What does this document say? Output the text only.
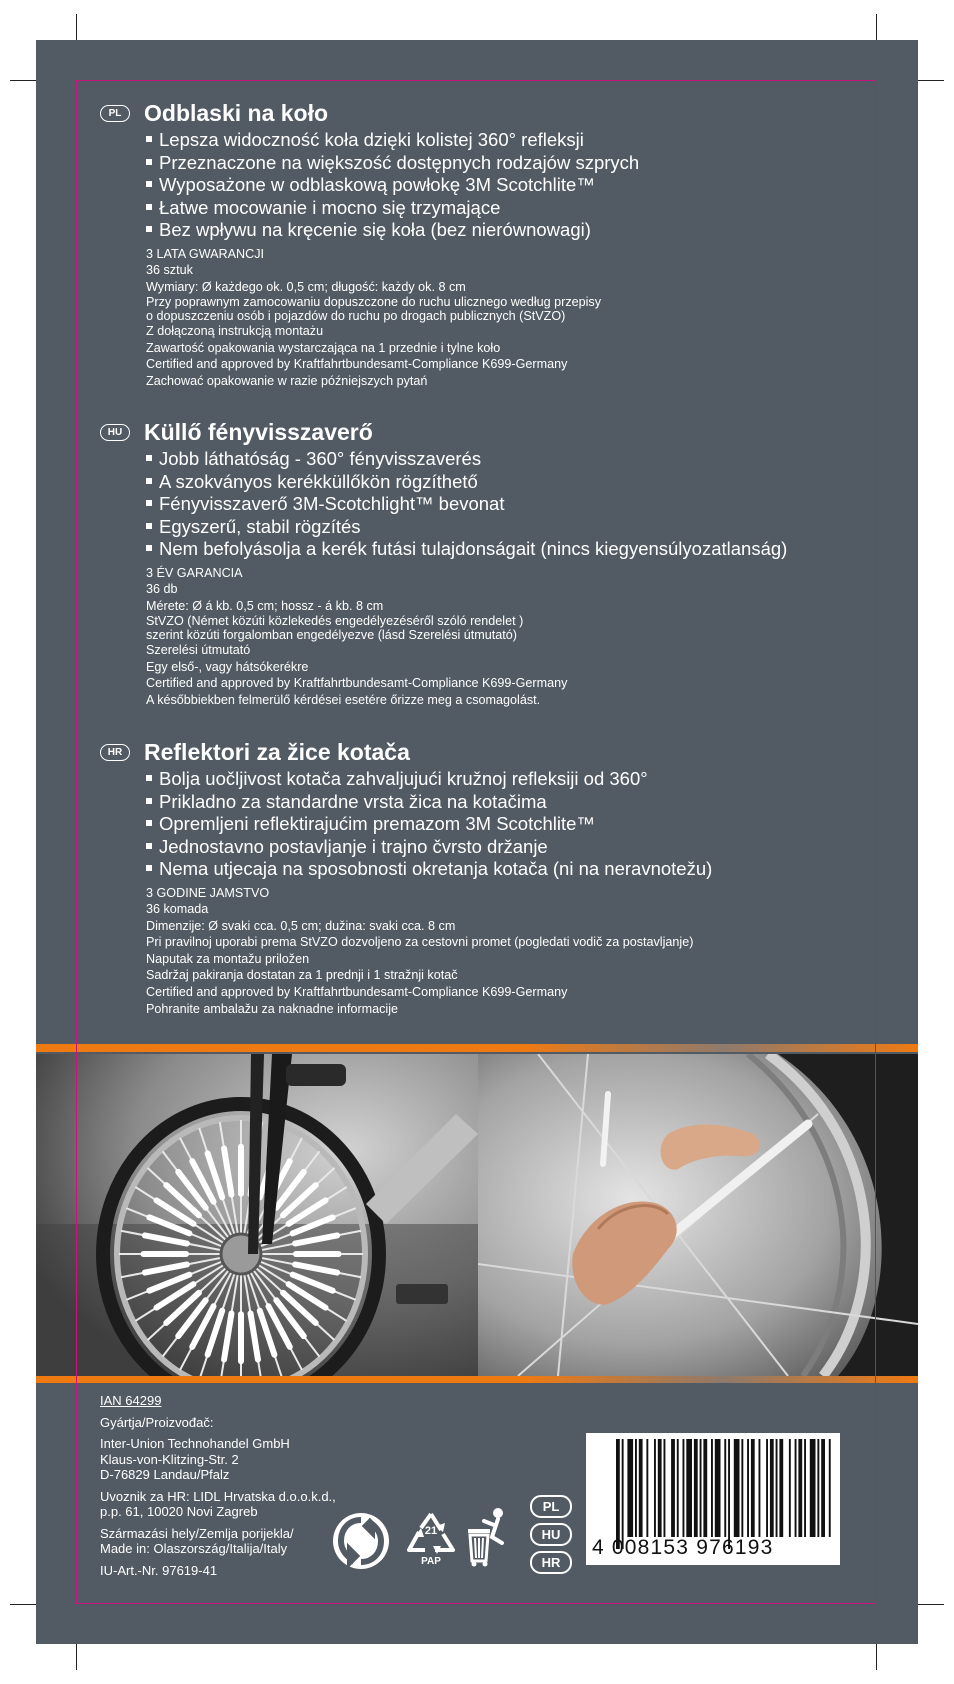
PL Odblaski na koło
Lepsza widoczność koła dzięki kolistej 360° refleksji
Przeznaczone na większość dostępnych rodzajów szprych
Wyposażone w odblaskową powłokę 3M Scotchlite™
Łatwe mocowanie i mocno się trzymające
Bez wpływu na kręcenie się koła (bez nierównowagi)
3 LATA GWARANCJI
36 sztuk
Wymiary: Ø każdego ok. 0,5 cm; długość: każdy ok. 8 cm
Przy poprawnym zamocowaniu dopuszczone do ruchu ulicznego według przepisy
o dopuszczeniu osób i pojazdów do ruchu po drogach publicznych (StVZO)
Z dołączoną instrukcją montażu
Zawartość opakowania wystarczająca na 1 przednie i tylne koło
Certified and approved by Kraftfahrtbundesamt-Compliance K699-Germany
Zachować opakowanie w razie późniejszych pytań
HU Küllő fényvisszaverő
Jobb láthatóság - 360° fényvisszaverés
A szokványos kerékküllőkön rögzíthető
Fényvisszaverő 3M-Scotchlight™ bevonat
Egyszerű, stabil rögzítés
Nem befolyásolja a kerék futási tulajdonságait (nincs kiegyensúlyozatlanság)
3 ÉV GARANCIA
36 db
Mérete: Ø á kb. 0,5 cm; hossz - á kb. 8 cm
StVZO (Német közúti közlekedés engedélyezéséről szóló rendelet )
szerint közúti forgalomban engedélyezve (lásd Szerelési útmutató)
Szerelési útmutató
Egy első-, vagy hátsókerékre
Certified and approved by Kraftfahrtbundesamt-Compliance K699-Germany
A későbbiekben felmerülő kérdései esetére őrizze meg a csomagolást.
HR Reflektori za žice kotača
Bolja uočljivost kotača zahvaljujući kružnoj refleksiji od 360°
Prikladno za standardne vrsta žica na kotačima
Opremljeni reflektirajućim premazom 3M Scotchlite™
Jednostavno postavljanje i trajno čvrsto držanje
Nema utjecaja na sposobnosti okretanja kotača (ni na neravnotežu)
3 GODINE JAMSTVO
36 komada
Dimenzije: Ø svaki cca. 0,5 cm; dužina: svaki cca. 8 cm
Pri pravilnoj uporabi prema StVZO dozvoljeno za cestovni promet (pogledati vodič za postavljanje)
Naputak za montažu priložen
Sadržaj pakiranja dostatan za 1 prednji i 1 stražnji kotač
Certified and approved by Kraftfahrtbundesamt-Compliance K699-Germany
Pohranite ambalažu za naknadne informacije
IAN 64299
Gyártja/Proizvođač:
Inter-Union Technohandel GmbH
Klaus-von-Klitzing-Str. 2
D-76829 Landau/Pfalz
Uvoznik za HR: LIDL Hrvatska d.o.o.k.d.,
p.p. 61, 10020 Novi Zagreb
Származási hely/Zemlja porijekla/
Made in: Olaszország/Italija/Italy
IU-Art.-Nr. 97619-41
21
PAP
PL
HU
HR
4 008153 976193
